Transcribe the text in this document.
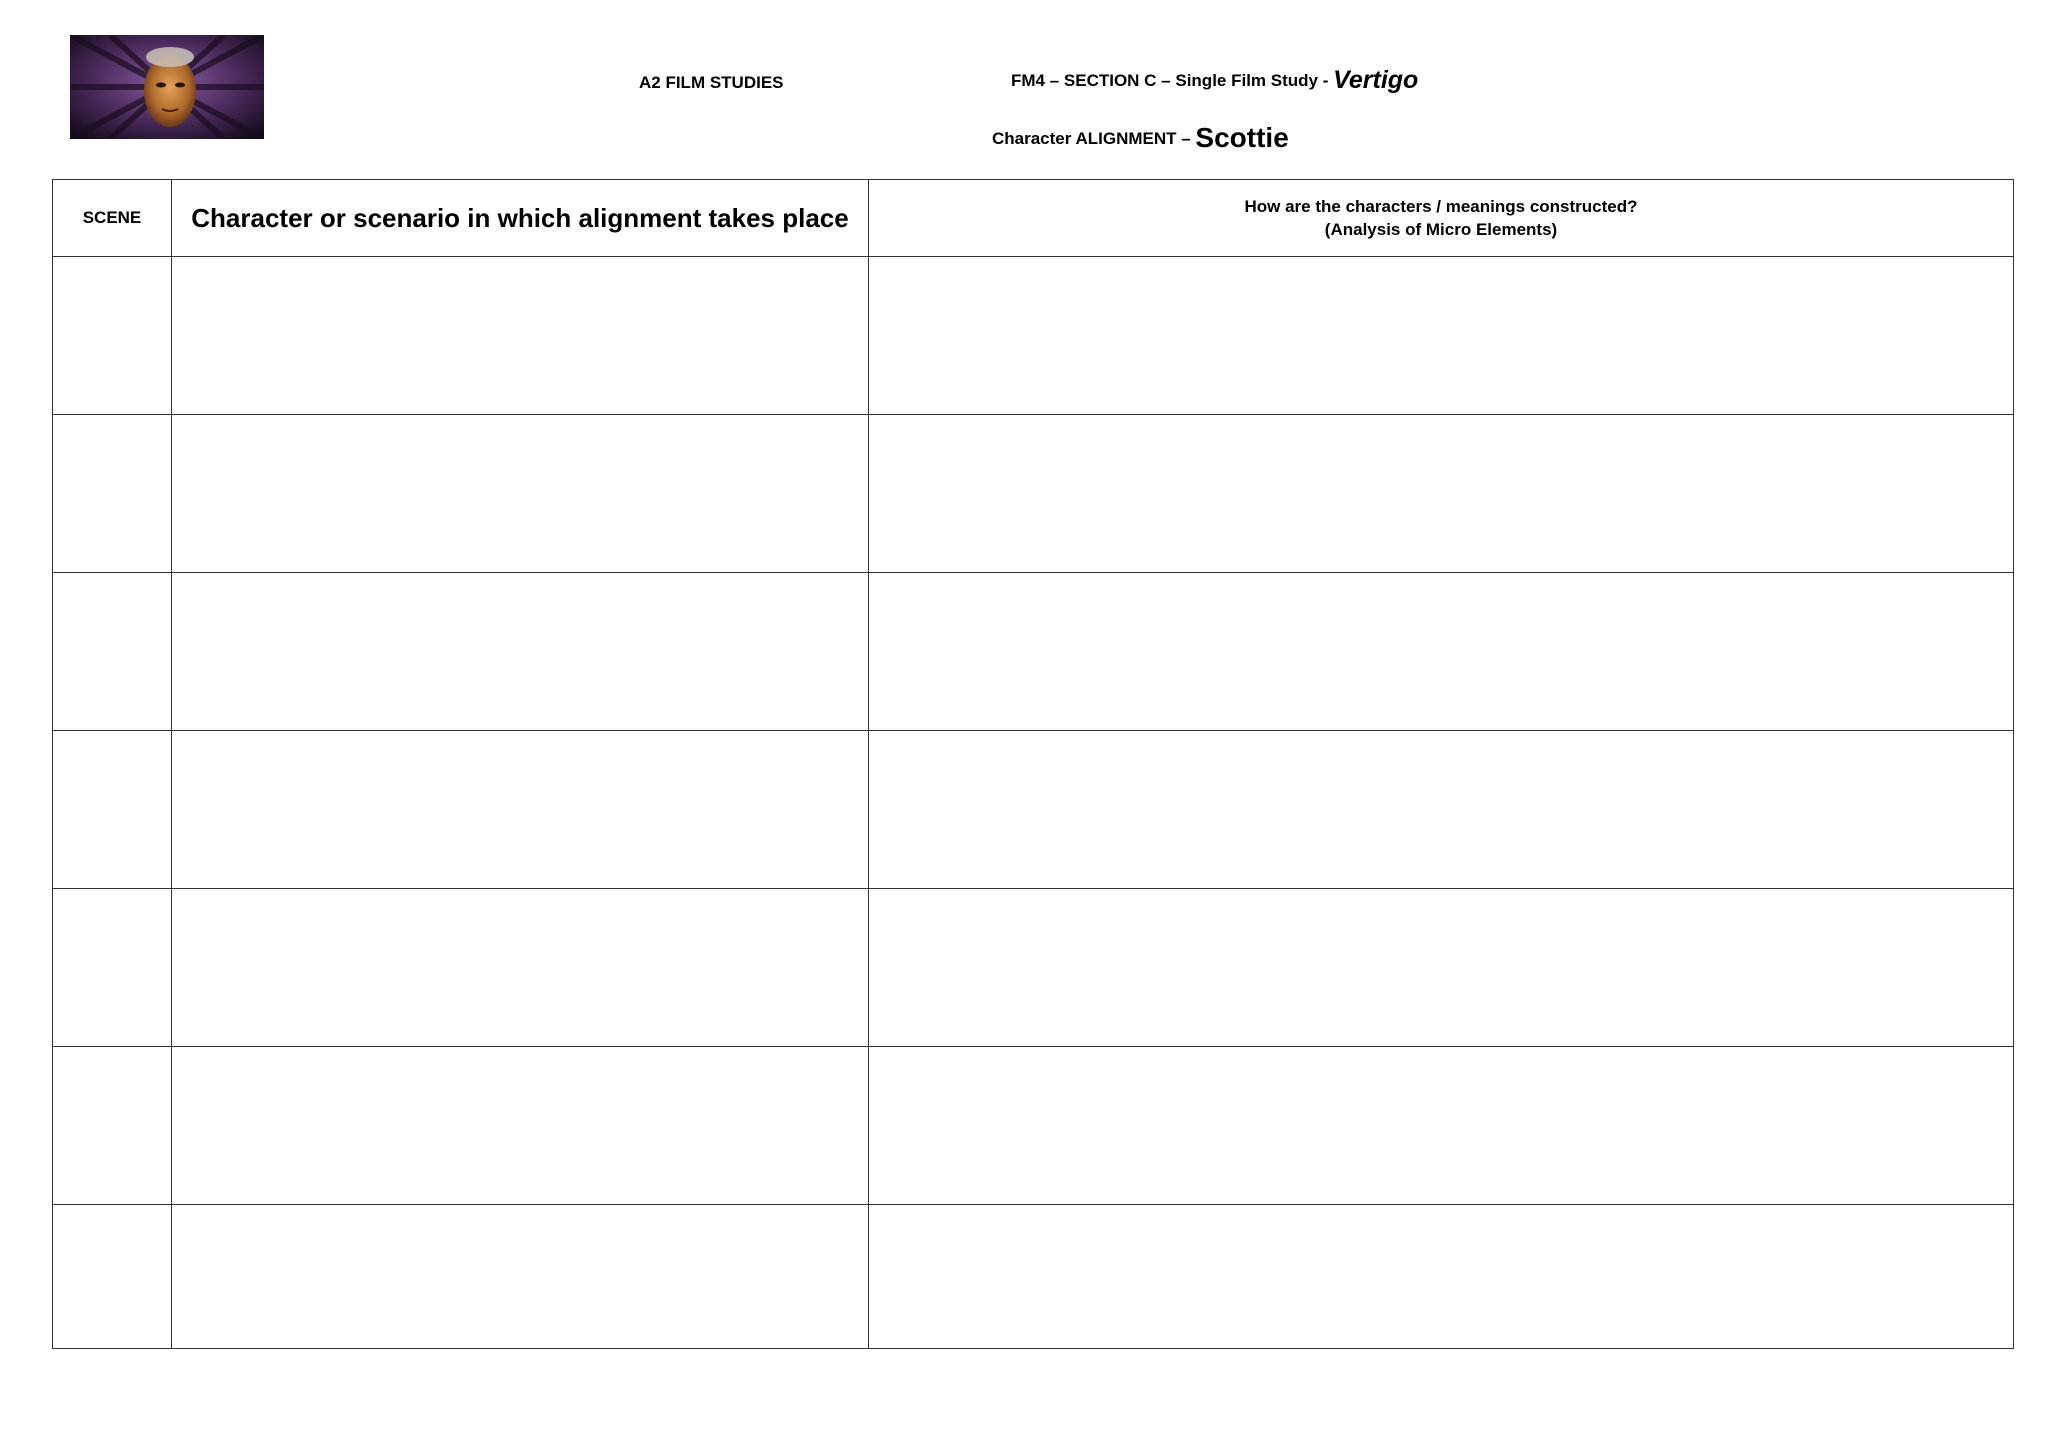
A2 FILM STUDIES	FM4 – SECTION C – Single Film Study - Vertigo
Character ALIGNMENT – Scottie
SCENE	Character or scenario in which alignment takes place	How are the characters / meanings constructed?
(Analysis of Micro Elements)
